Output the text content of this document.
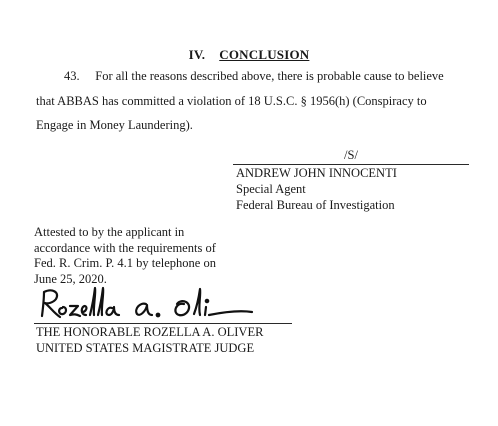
IV. CONCLUSION
43.     For all the reasons described above, there is probable cause to believe
that ABBAS has committed a violation of 18 U.S.C. § 1956(h) (Conspiracy to
Engage in Money Laundering).
/S/
ANDREW JOHN INNOCENTI
Special Agent
Federal Bureau of Investigation
Attested to by the applicant in
accordance with the requirements of
Fed. R. Crim. P. 4.1 by telephone on
June 25, 2020.
THE HONORABLE ROZELLA A. OLIVER
UNITED STATES MAGISTRATE JUDGE
